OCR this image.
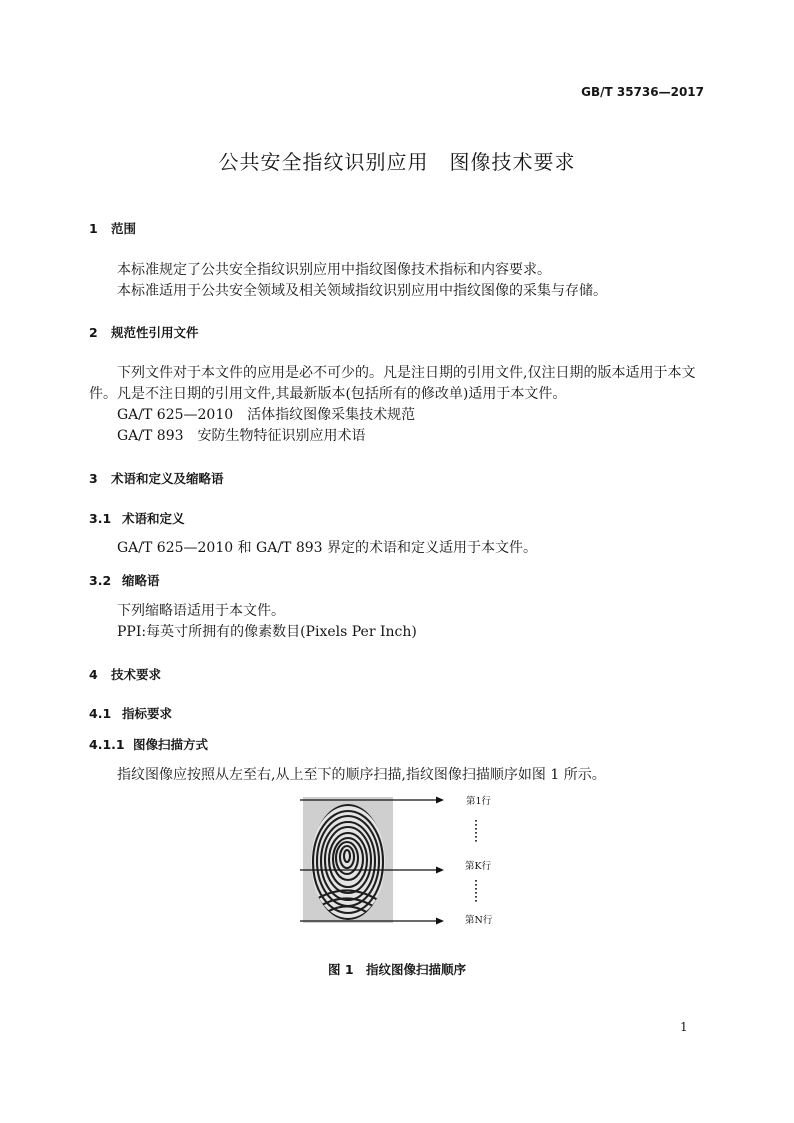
GB/T 35736—2017
公共安全指纹识别应用　图像技术要求
1 范围
本标准规定了公共安全指纹识别应用中指纹图像技术指标和内容要求。
本标准适用于公共安全领域及相关领域指纹识别应用中指纹图像的采集与存储。
2 规范性引用文件
下列文件对于本文件的应用是必不可少的。凡是注日期的引用文件,仅注日期的版本适用于本文
件。凡是不注日期的引用文件,其最新版本(包括所有的修改单)适用于本文件。
GA/T 625—2010 活体指纹图像采集技术规范
GA/T 893 安防生物特征识别应用术语
3 术语和定义及缩略语
3.1 术语和定义
GA/T 625—2010 和 GA/T 893 界定的术语和定义适用于本文件。
3.2 缩略语
下列缩略语适用于本文件。
PPI:每英寸所拥有的像素数目(Pixels Per Inch)
4 技术要求
4.1 指标要求
4.1.1 图像扫描方式
指纹图像应按照从左至右,从上至下的顺序扫描,指纹图像扫描顺序如图 1 所示。
第1行
第K行
第N行
图 1　指纹图像扫描顺序
1
